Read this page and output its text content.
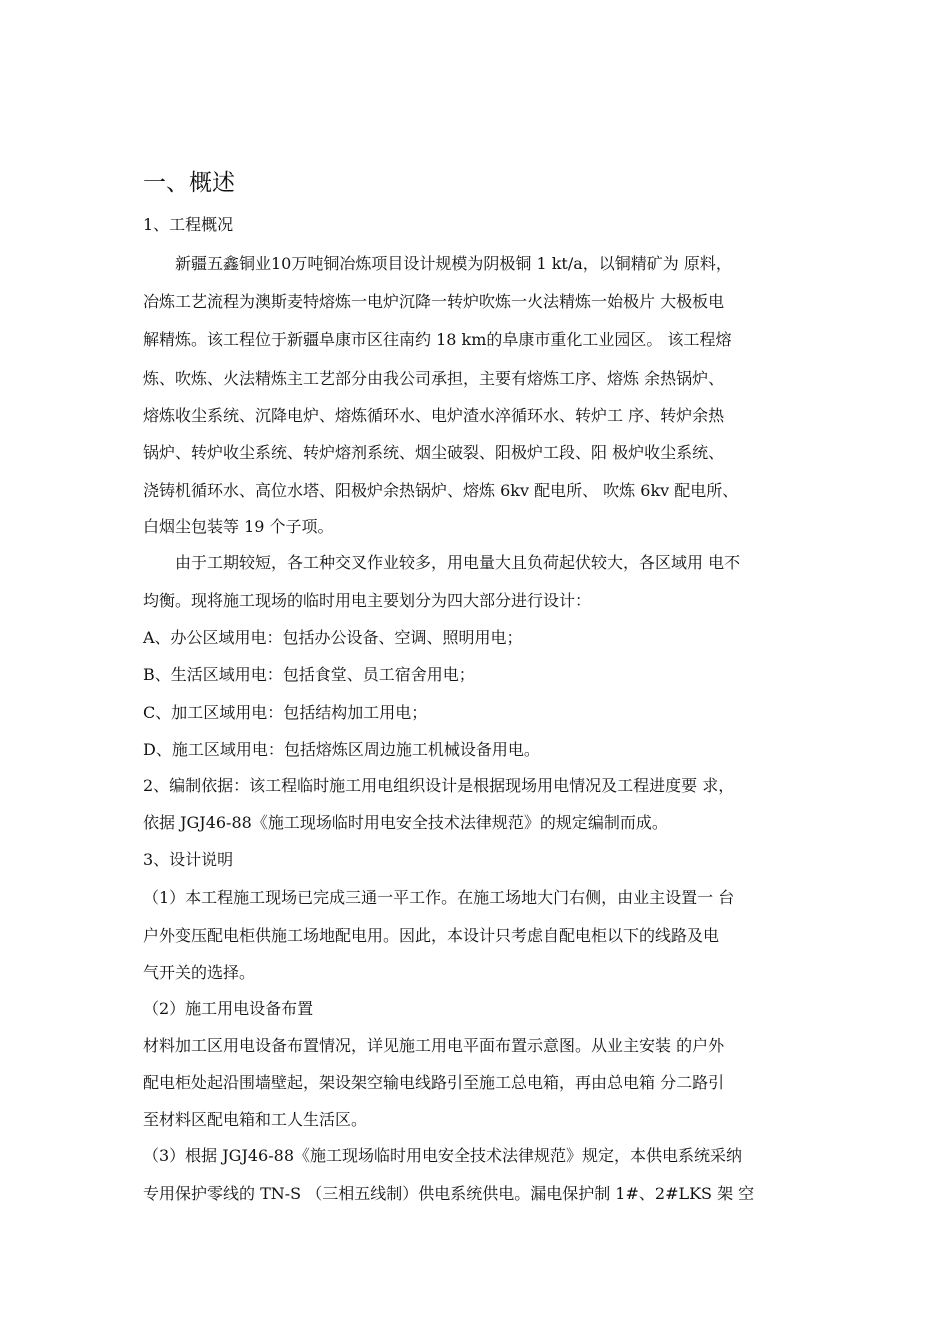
一、概述
1、工程概况
　　新疆五鑫铜业10万吨铜冶炼项目设计规模为阴极铜 1 kt/a，以铜精矿为 原料，
冶炼工艺流程为澳斯麦特熔炼一电炉沉降一转炉吹炼一火法精炼一始极片 大极板电
解精炼。该工程位于新疆阜康市区往南约 18 km的阜康市重化工业园区。 该工程熔
炼、吹炼、火法精炼主工艺部分由我公司承担，主要有熔炼工序、熔炼 余热锅炉、
熔炼收尘系统、沉降电炉、熔炼循环水、电炉渣水淬循环水、转炉工 序、转炉余热
锅炉、转炉收尘系统、转炉熔剂系统、烟尘破裂、阳极炉工段、阳 极炉收尘系统、
浇铸机循环水、高位水塔、阳极炉余热锅炉、熔炼 6kv 配电所、 吹炼 6kv 配电所、
白烟尘包装等 19 个子项。
　　由于工期较短，各工种交叉作业较多，用电量大且负荷起伏较大，各区域用 电不
均衡。现将施工现场的临时用电主要划分为四大部分进行设计：
A、办公区域用电：包括办公设备、空调、照明用电；
B、生活区域用电：包括食堂、员工宿舍用电；
C、加工区域用电：包括结构加工用电；
D、施工区域用电：包括熔炼区周边施工机械设备用电。
2、编制依据：该工程临时施工用电组织设计是根据现场用电情况及工程进度要 求，
依据 JGJ46-88《施工现场临时用电安全技术法律规范》的规定编制而成。
3、设计说明
（1）本工程施工现场已完成三通一平工作。在施工场地大门右侧，由业主设置一 台
户外变压配电柜供施工场地配电用。因此，本设计只考虑自配电柜以下的线路及电
气开关的选择。
（2）施工用电设备布置
材料加工区用电设备布置情况，详见施工用电平面布置示意图。从业主安装 的户外
配电柜处起沿围墙壁起，架设架空输电线路引至施工总电箱，再由总电箱 分二路引
至材料区配电箱和工人生活区。
（3）根据 JGJ46-88《施工现场临时用电安全技术法律规范》规定，本供电系统采纳
专用保护零线的 TN-S （三相五线制）供电系统供电。漏电保护制 1#、2#LKS 架 空
